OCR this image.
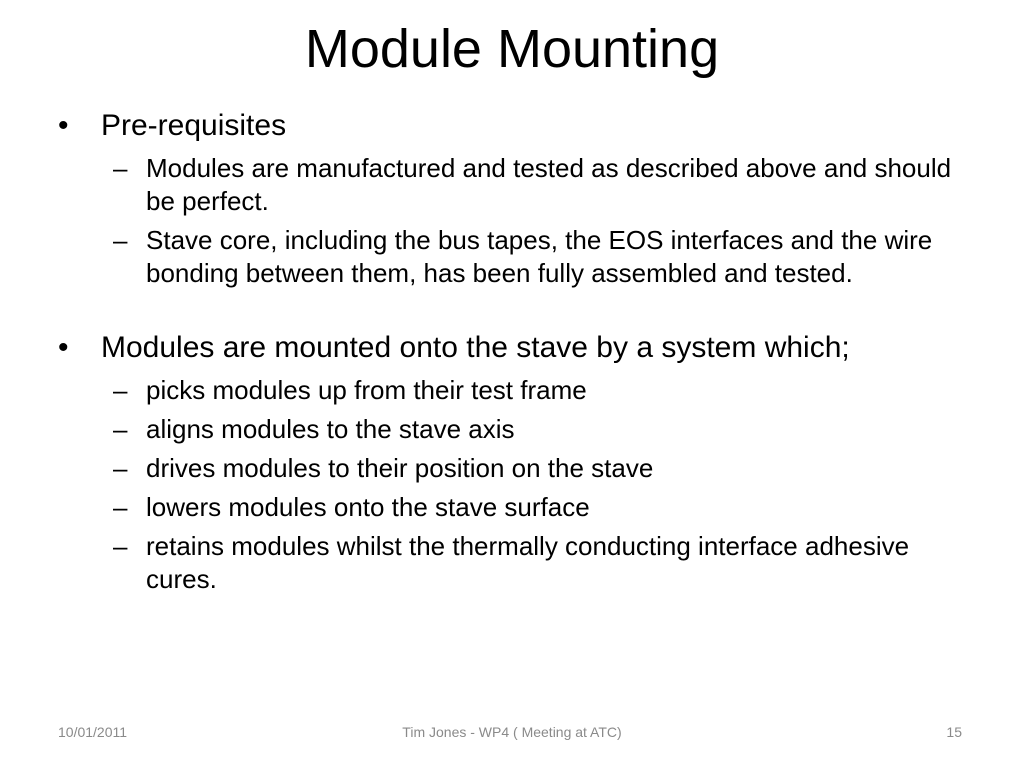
Module Mounting
• Pre-requisites
– Modules are manufactured and tested as described above and should be perfect.
– Stave core, including the bus tapes, the EOS interfaces and the wire bonding between them, has been fully assembled and tested.
• Modules are mounted onto the stave by a system which;
– picks modules up from their test frame
– aligns modules to the stave axis
– drives modules to their position on the stave
– lowers modules onto the stave surface
– retains modules whilst the thermally conducting interface adhesive cures.
10/01/2011	Tim Jones - WP4 ( Meeting at ATC)	15
